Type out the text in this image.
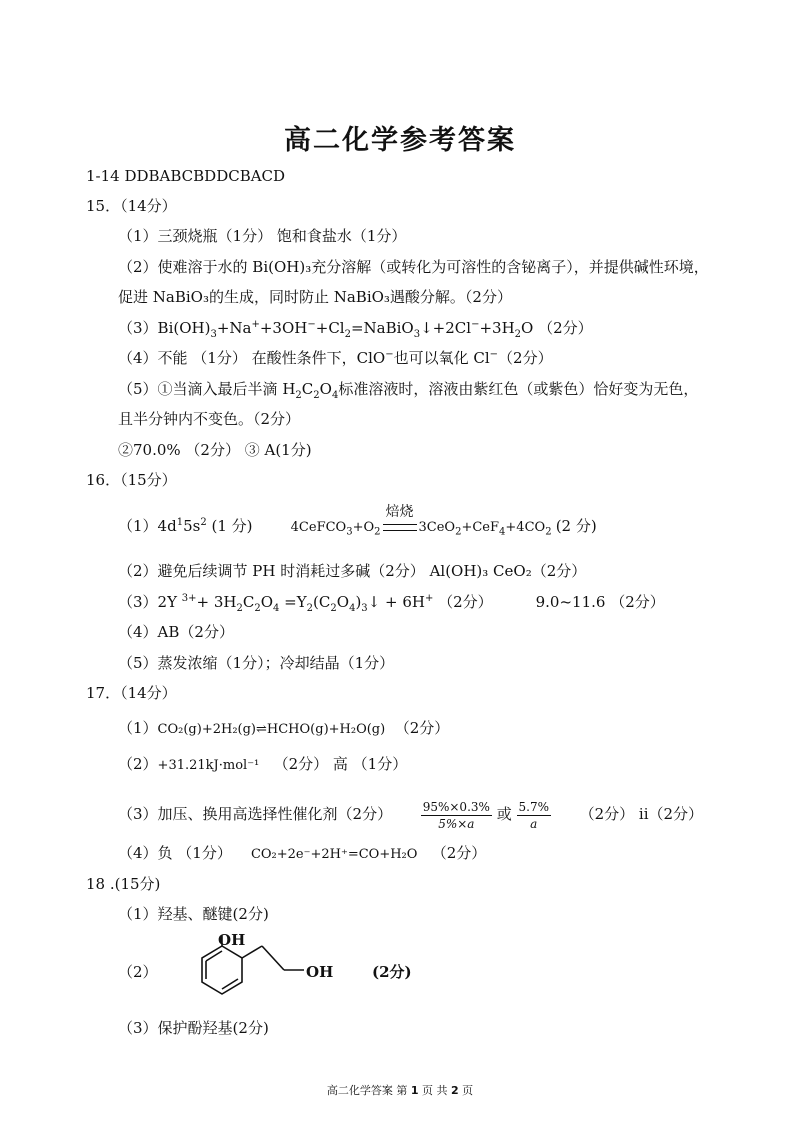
高二化学参考答案
1-14 DDBABCBDDCBACD
15．（14分）
（1）三颈烧瓶（1分） 饱和食盐水（1分）
（2）使难溶于水的 Bi(OH)₃充分溶解（或转化为可溶性的含铋离子），并提供碱性环境，
促进 NaBiO₃的生成，同时防止 NaBiO₃遇酸分解。（2分）
$(3)Bi(OH)_3+Na^++3OH^-+Cl_2=NaBiO_3↓+2Cl^-+3H_2O$ （2分）
（4）不能 （1分） 在酸性条件下，ClO−也可以氧化 Cl−（2分）
（5）①当滴入最后半滴 $H_2C_2O_4$标准溶液时，溶液由紫红色（或紫色）恰好变为无色，
且半分钟内不变色。（2分）
②70.0% （2分） ③ A(1分)
16．（15分）
$(1)4d^15s^2$ (1 分)	$4CeFCO_3+O_2$
焙烧
$3CeO_2+CeF_4+4CO_2$ (2 分)
（2）避免后续调节 PH 时消耗过多碱（2分） Al(OH)₃ CeO₂（2分）
（3）2Y $^{3+}+ 3H_2C_2O_4$ $=Y_2(C_2O_4)_3↓ + 6H^+$ （2分）	9.0~11.6 （2分）
（4）AB（2分）
（5）蒸发浓缩（1分）；冷却结晶（1分）
17．（14分）
（1）CO₂(g)+2H₂(g)⇌HCHO(g)+H₂O(g) （2分）
（2）+31.21kJ·mol⁻¹ （2分） 高 （1分）
（3）加压、换用高选择性催化剂（2分） $\frac{95\%\times 0.3\%}{5\%\times a}$ 或 $\frac{5.7\%}{a} (2$分） ii（2分）
（4）负 （1分） CO₂+2e⁻+2H⁺=CO+H₂O （2分）
18 .(15分)
（1）羟基、醚键(2分)
（2）
OH
OH	(2分)
（3）保护酚羟基(2分)
高二化学答案 第 1 页 共 2 页
